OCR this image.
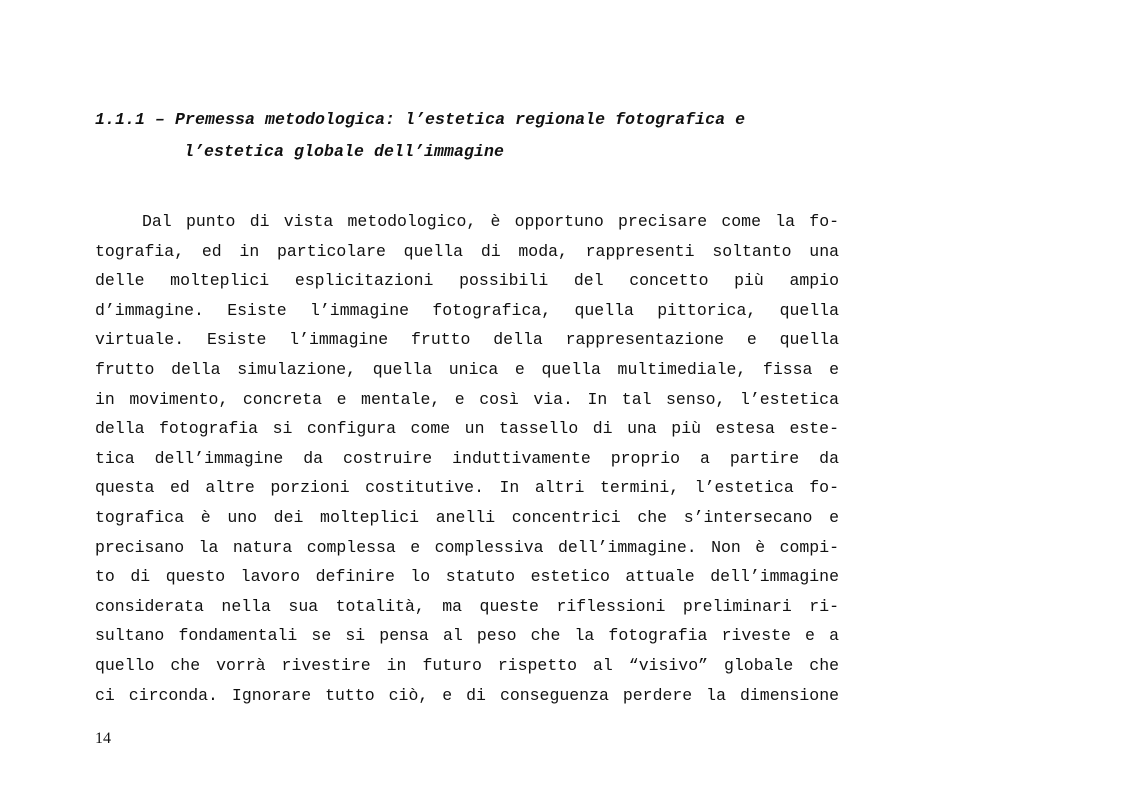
1.1.1 – Premessa metodologica: l’estetica regionale fotografica e
l’estetica globale dell’immagine
Dal punto di vista metodologico, è opportuno precisare come la fo-
tografia, ed in particolare quella di moda, rappresenti soltanto una
delle molteplici esplicitazioni possibili del concetto più ampio
d’immagine. Esiste l’immagine fotografica, quella pittorica, quella
virtuale. Esiste l’immagine frutto della rappresentazione e quella
frutto della simulazione, quella unica e quella multimediale, fissa e
in movimento, concreta e mentale, e così via. In tal senso, l’estetica
della fotografia si configura come un tassello di una più estesa este-
tica dell’immagine da costruire induttivamente proprio a partire da
questa ed altre porzioni costitutive. In altri termini, l’estetica fo-
tografica è uno dei molteplici anelli concentrici che s’intersecano e
precisano la natura complessa e complessiva dell’immagine. Non è compi-
to di questo lavoro definire lo statuto estetico attuale dell’immagine
considerata nella sua totalità, ma queste riflessioni preliminari ri-
sultano fondamentali se si pensa al peso che la fotografia riveste e a
quello che vorrà rivestire in futuro rispetto al “visivo” globale che
ci circonda. Ignorare tutto ciò, e di conseguenza perdere la dimensione
14
